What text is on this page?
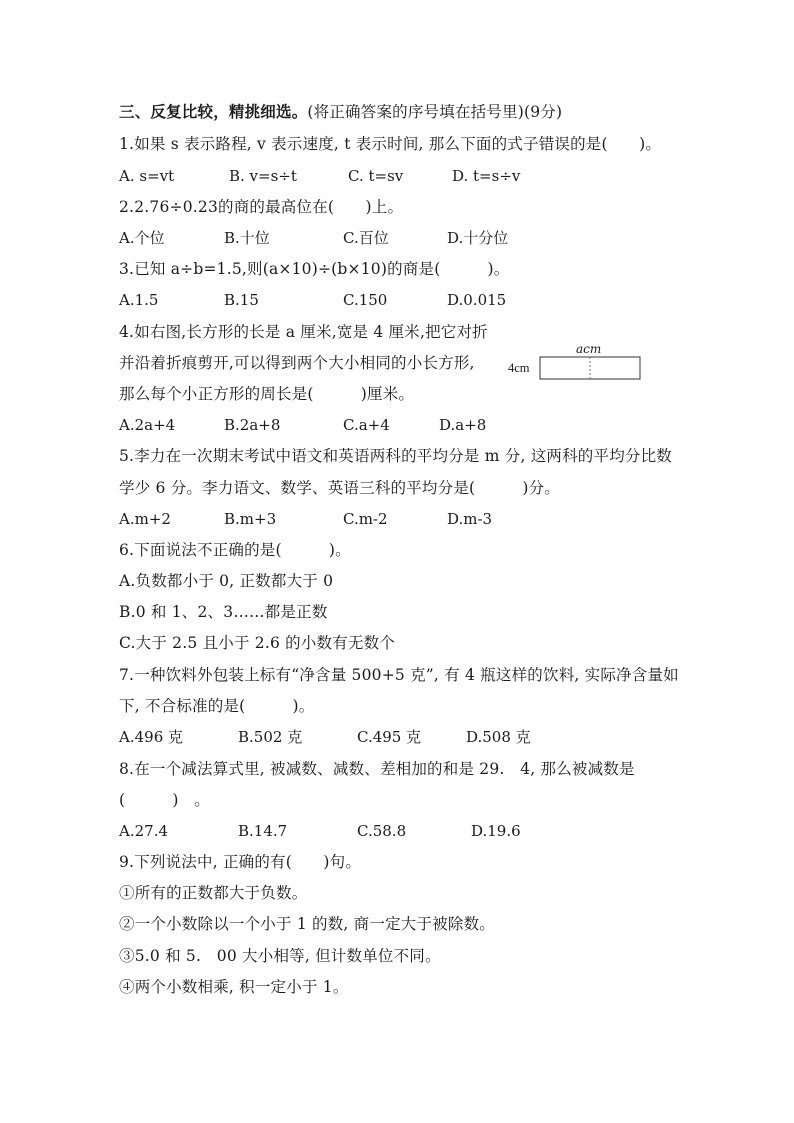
三、反复比较，精挑细选。(将正确答案的序号填在括号里)(9分)
1.如果 s 表示路程, v 表示速度, t 表示时间, 那么下面的式子错误的是(　　)。
A. s=vt	B. v=s÷t	C. t=sv	D. t=s÷v
2.2.76÷0.23的商的最高位在(　　)上。
A.个位	B.十位	C.百位	D.十分位
3.已知 a÷b=1.5,则(a×10)÷(b×10)的商是(　　　)。
A.1.5	B.15	C.150	D.0.015
4.如右图,长方形的长是 a 厘米,宽是 4 厘米,把它对折
并沿着折痕剪开,可以得到两个大小相同的小长方形,
那么每个小正方形的周长是(　　　)厘米。
acm
4cm
A.2a+4	B.2a+8	C.a+4	D.a+8
5.李力在一次期末考试中语文和英语两科的平均分是 m 分, 这两科的平均分比数
学少 6 分。李力语文、数学、英语三科的平均分是(　　　)分。
A.m+2	B.m+3	C.m-2	D.m-3
6.下面说法不正确的是(　　　)。
A.负数都小于 0, 正数都大于 0
B.0 和 1、2、3……都是正数
C.大于 2.5 且小于 2.6 的小数有无数个
7.一种饮料外包装上标有“净含量 500+5 克”, 有 4 瓶这样的饮料, 实际净含量如
下, 不合标准的是(　　　)。
A.496 克	B.502 克	C.495 克	D.508 克
8.在一个减法算式里, 被减数、减数、差相加的和是 29.　4, 那么被减数是
(　　　)　。
A.27.4	B.14.7	C.58.8	D.19.6
9.下列说法中, 正确的有(　　)句。
①所有的正数都大于负数。
②一个小数除以一个小于 1 的数, 商一定大于被除数。
③5.0 和 5.　00 大小相等, 但计数单位不同。
④两个小数相乘, 积一定小于 1。
